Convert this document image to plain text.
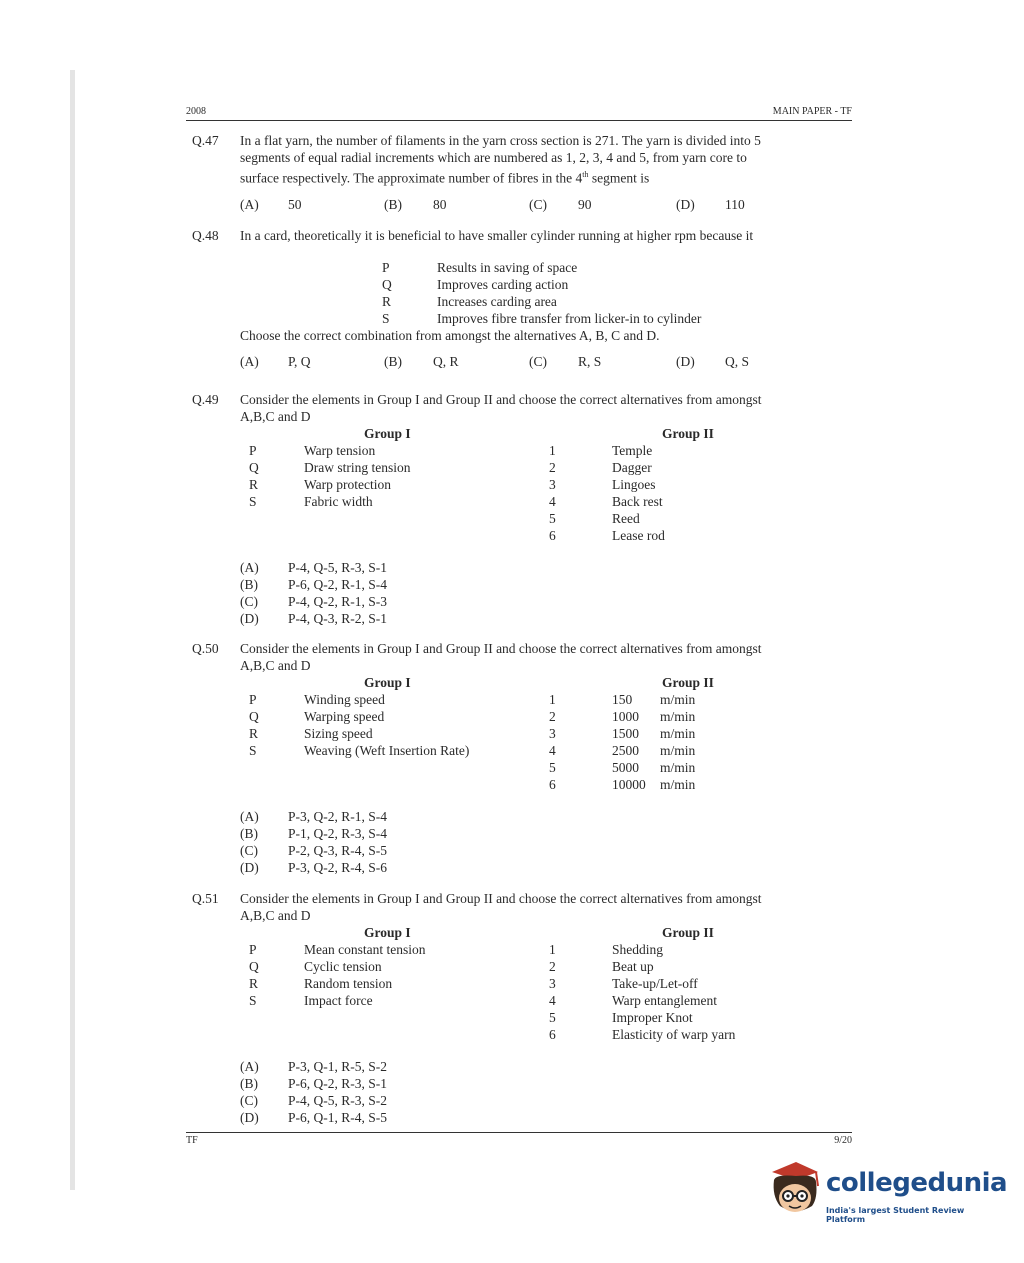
2008	MAIN PAPER - TF
Q.47 In a flat yarn, the number of filaments in the yarn cross section is 271. The yarn is divided into 5
segments of equal radial increments which are numbered as 1, 2, 3, 4 and 5, from yarn core to
surface respectively. The approximate number of fibres in the 4th segment is
(A) 50	(B) 80	(C) 90	(D) 110
Q.48 In a card, theoretically it is beneficial to have smaller cylinder running at higher rpm because it
P	Results in saving of space
Q	Improves carding action
R	Increases carding area
S	Improves fibre transfer from licker-in to cylinder
Choose the correct combination from amongst the alternatives A, B, C and D.
(A) P, Q	(B) Q, R	(C) R, S	(D) Q, S
Q.49 Consider the elements in Group I and Group II and choose the correct alternatives from amongst
A,B,C and D
Group I	Group II
P	Warp tension	1	Temple
Q	Draw string tension	2	Dagger
R	Warp protection	3	Lingoes
S	Fabric width	4	Back rest
5	Reed
6	Lease rod
(A) P-4, Q-5, R-3, S-1
(B) P-6, Q-2, R-1, S-4
(C) P-4, Q-2, R-1, S-3
(D) P-4, Q-3, R-2, S-1
Q.50 Consider the elements in Group I and Group II and choose the correct alternatives from amongst
A,B,C and D
Group I	Group II
P	Winding speed	1	150 m/min
Q	Warping speed	2	1000 m/min
R	Sizing speed	3	1500 m/min
S	Weaving (Weft Insertion Rate)	4	2500 m/min
5	5000 m/min
6	10000 m/min
(A) P-3, Q-2, R-1, S-4
(B) P-1, Q-2, R-3, S-4
(C) P-2, Q-3, R-4, S-5
(D) P-3, Q-2, R-4, S-6
Q.51 Consider the elements in Group I and Group II and choose the correct alternatives from amongst
A,B,C and D
Group I	Group II
P	Mean constant tension	1	Shedding
Q	Cyclic tension	2	Beat up
R	Random tension	3	Take-up/Let-off
S	Impact force	4	Warp entanglement
5	Improper Knot
6	Elasticity of warp yarn
(A) P-3, Q-1, R-5, S-2
(B) P-6, Q-2, R-3, S-1
(C) P-4, Q-5, R-3, S-2
(D) P-6, Q-1, R-4, S-5
TF	9/20
collegedunia
India's largest Student Review Platform
